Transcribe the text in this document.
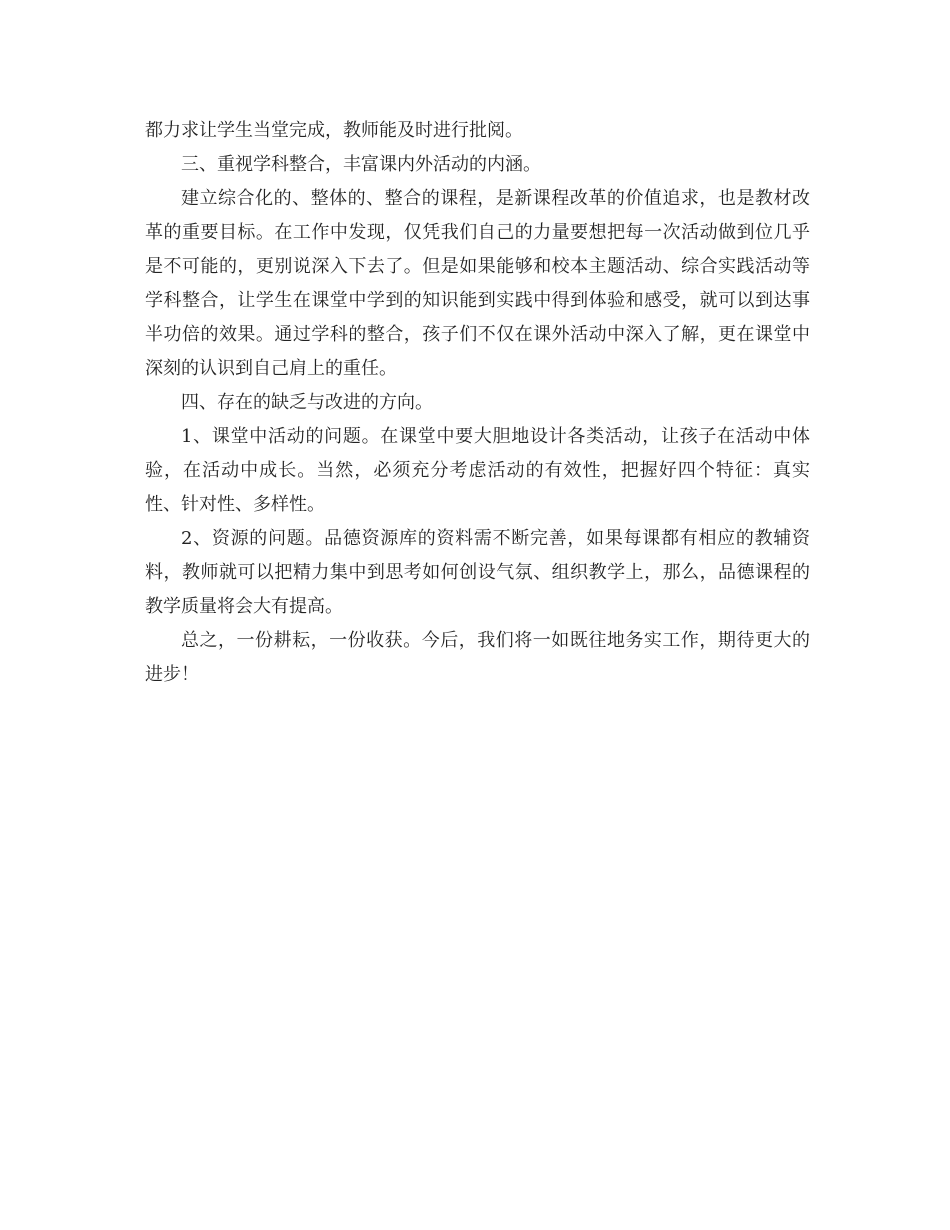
都力求让学生当堂完成，教师能及时进行批阅。

三、重视学科整合，丰富课内外活动的内涵。

建立综合化的、整体的、整合的课程，是新课程改革的价值追求，也是教材改革的重要目标。在工作中发现，仅凭我们自己的力量要想把每一次活动做到位几乎是不可能的，更别说深入下去了。但是如果能够和校本主题活动、综合实践活动等学科整合，让学生在课堂中学到的知识能到实践中得到体验和感受，就可以到达事半功倍的效果。通过学科的整合，孩子们不仅在课外活动中深入了解，更在课堂中深刻的认识到自己肩上的重任。

四、存在的缺乏与改进的方向。

1、课堂中活动的问题。在课堂中要大胆地设计各类活动，让孩子在活动中体验，在活动中成长。当然，必须充分考虑活动的有效性，把握好四个特征：真实性、针对性、多样性。

2、资源的问题。品德资源库的资料需不断完善，如果每课都有相应的教辅资料，教师就可以把精力集中到思考如何创设气氛、组织教学上，那么，品德课程的教学质量将会大有提高。

总之，一份耕耘，一份收获。今后，我们将一如既往地务实工作，期待更大的进步！
